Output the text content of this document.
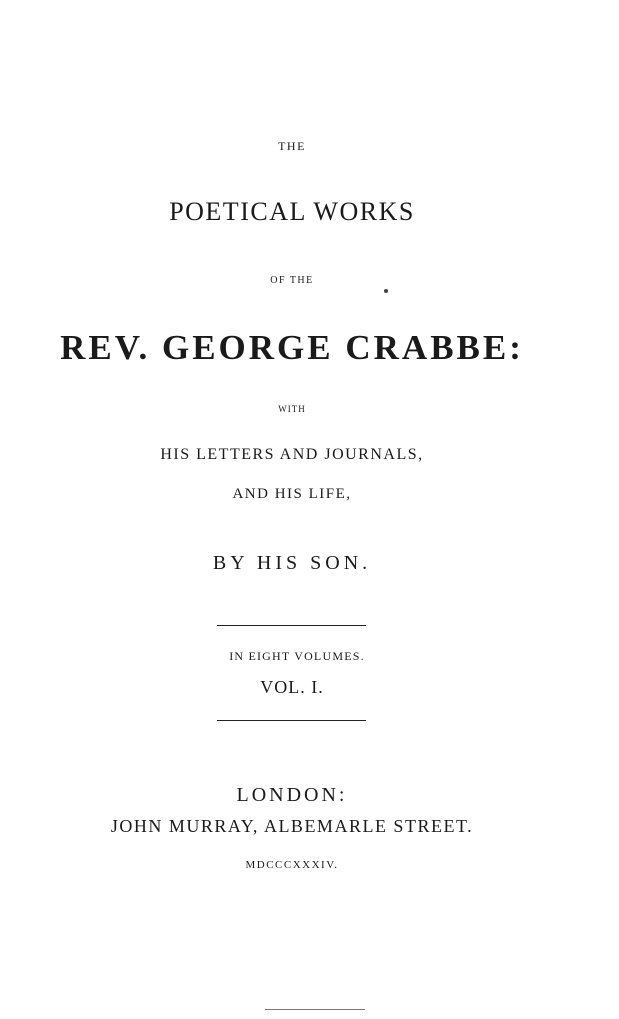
THE
POETICAL WORKS
OF THE
REV. GEORGE CRABBE:
WITH
HIS LETTERS AND JOURNALS,
AND HIS LIFE,
BY HIS SON.
IN EIGHT VOLUMES.
VOL. I.
LONDON:
JOHN MURRAY, ALBEMARLE STREET.
MDCCCXXXIV.
